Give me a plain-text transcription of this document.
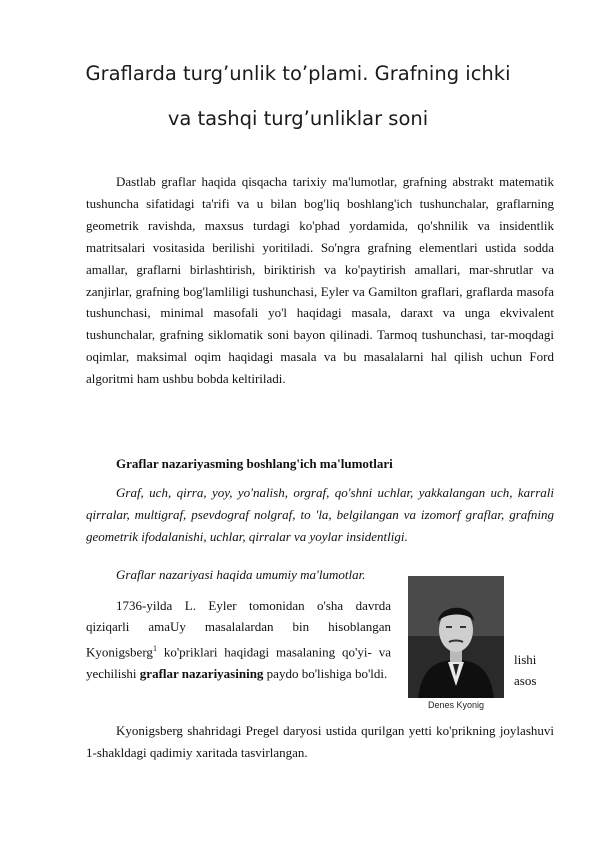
Graflarda turg’unlik to’plami. Grafning ichki
va tashqi turg’unliklar soni

Dastlab graflar haqida qisqacha tarixiy ma'lumotlar, grafning abstrakt matematik tushuncha sifatidagi ta'rifi va u bilan bog'liq boshlang'ich tushunchalar, graflarning geometrik ravishda, maxsus turdagi ko'phad yordamida, qo'shnilik va insidentlik matritsalari vositasida berilishi yoritiladi. So'ngra grafning elementlari ustida sodda amallar, graflarni birlashtirish, biriktirish va ko'paytirish amallari, mar-shrutlar va zanjirlar, grafning bog'lamliligi tushunchasi, Eyler va Gamilton graflari, graflarda masofa tushunchasi, minimal masofali yo'l haqidagi masala, daraxt va unga ekvivalent tushunchalar, grafning siklomatik soni bayon qilinadi. Tarmoq tushunchasi, tar-moqdagi oqimlar, maksimal oqim haqidagi masala va bu masalalarni hal qilish uchun Ford algoritmi ham ushbu bobda keltiriladi.

Graflar nazariyasming boshlang'ich ma'lumotlari

Graf, uch, qirra, yoy, yo'nalish, orgraf, qo'shni uchlar, yakkalangan uch, karrali qirralar, multigraf, psevdograf nolgraf, to 'la, belgilangan va izomorf graflar, grafning geometrik ifodalanishi, uchlar, qirralar va yoylar insidentligi.

Graflar nazariyasi haqida umumiy ma'lumotlar.

1736-yilda L. Eyler tomonidan o'sha davrda qiziqarli amaUy masalalardan bin hisoblangan Kyonigsberg$^1$ ko'priklari haqidagi masalaning qo'yi- va yechilishi graflar nazariyasining paydo bo'lishiga bo'ldi.

lishi
asos
Denes Kyonig

Kyonigsberg shahridagi Pregel daryosi ustida qurilgan yetti ko'prikning joylashuvi 1-shakldagi qadimiy xaritada tasvirlangan.
